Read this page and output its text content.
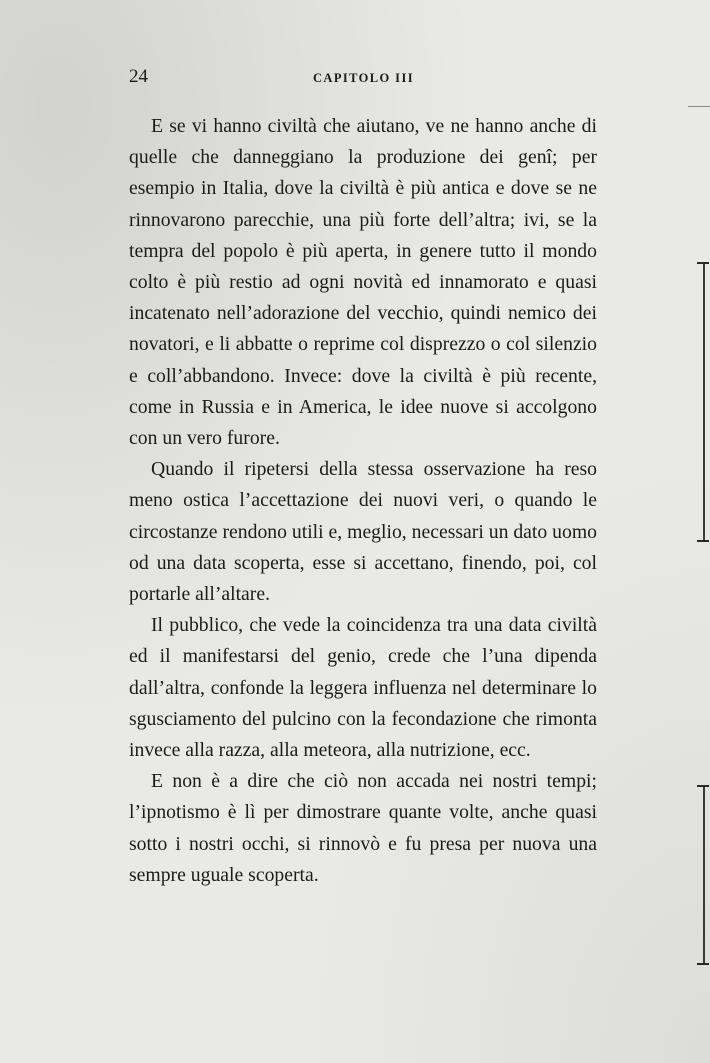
24	CAPITOLO III

E se vi hanno civiltà che aiutano, ve ne hanno anche di quelle che danneggiano la produzione dei genî; per esempio in Italia, dove la civiltà è più antica e dove se ne rinnovarono parecchie, una più forte dell’altra; ivi, se la tempra del popolo è più aperta, in genere tutto il mondo colto è più restio ad ogni novità ed innamorato e quasi incatenato nell’adorazione del vecchio, quindi nemico dei novatori, e li abbatte o reprime col disprezzo o col silenzio e coll’abbandono. Invece: dove la civiltà è più recente, come in Russia e in America, le idee nuove si accolgono con un vero furore.

Quando il ripetersi della stessa osservazione ha reso meno ostica l’accettazione dei nuovi veri, o quando le circostanze rendono utili e, meglio, necessari un dato uomo od una data scoperta, esse si accettano, finendo, poi, col portarle all’altare.

Il pubblico, che vede la coincidenza tra una data civiltà ed il manifestarsi del genio, crede che l’una dipenda dall’altra, confonde la leggera influenza nel determinare lo sgusciamento del pulcino con la fecondazione che rimonta invece alla razza, alla meteora, alla nutrizione, ecc.

E non è a dire che ciò non accada nei nostri tempi; l’ipnotismo è lì per dimostrare quante volte, anche quasi sotto i nostri occhi, si rinnovò e fu presa per nuova una sempre uguale scoperta.
